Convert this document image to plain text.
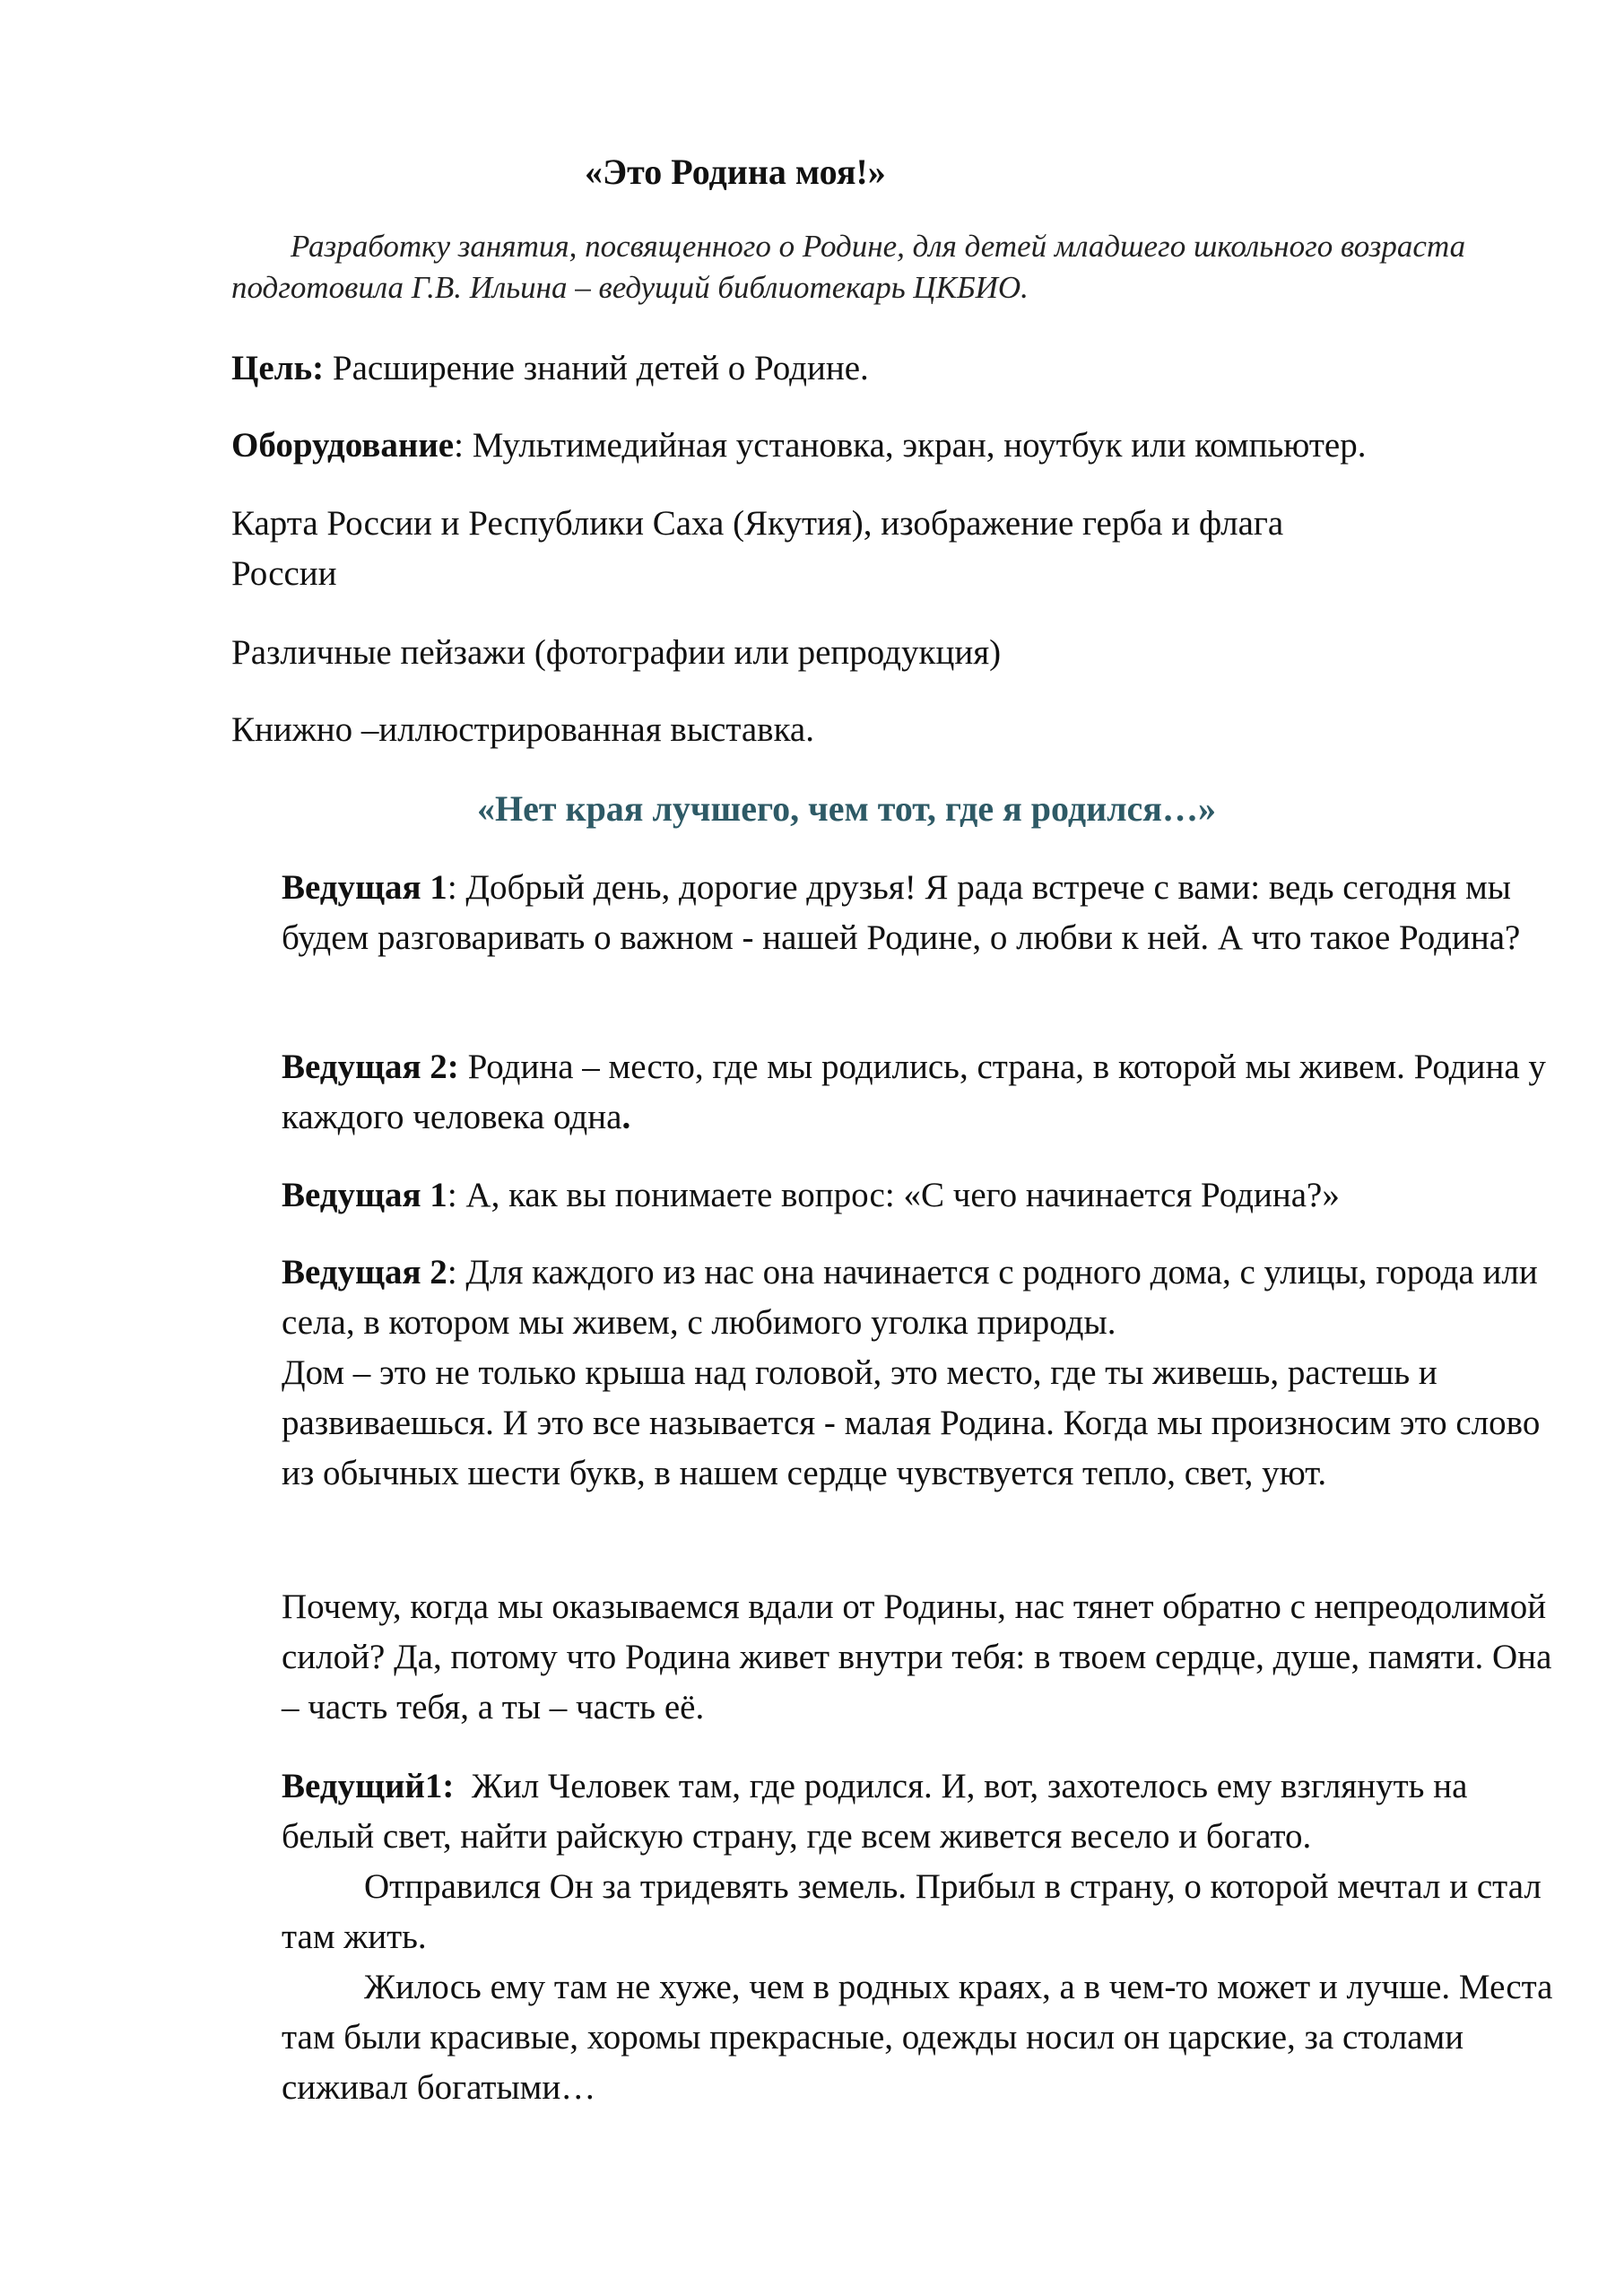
«Это Родина моя!»

Разработку занятия, посвященного о Родине, для детей младшего школьного возраста подготовила Г.В. Ильина – ведущий библиотекарь ЦКБИО.

Цель: Расширение знаний детей о Родине.

Оборудование: Мультимедийная установка, экран, ноутбук или компьютер.

Карта России и Республики Саха (Якутия), изображение герба и флага России

Различные пейзажи (фотографии или репродукция)

Книжно –иллюстрированная выставка.

«Нет края лучшего, чем тот, где я родился…»

Ведущая 1: Добрый день, дорогие друзья! Я рада встрече с вами: ведь сегодня мы будем разговаривать о важном - нашей Родине, о любви к ней. А что такое Родина?

Ведущая 2: Родина – место, где мы родились, страна, в которой мы живем. Родина у каждого человека одна.

Ведущая 1: А, как вы понимаете вопрос: «С чего начинается Родина?»

Ведущая 2: Для каждого из нас она начинается с родного дома, с улицы, города или села, в котором мы живем, с любимого уголка природы.
Дом – это не только крыша над головой, это место, где ты живешь, растешь и развиваешься. И это все называется - малая Родина. Когда мы произносим это слово из обычных шести букв, в нашем сердце чувствуется тепло, свет, уют.

Почему, когда мы оказываемся вдали от Родины, нас тянет обратно с непреодолимой силой? Да, потому что Родина живет внутри тебя: в твоем сердце, душе, памяти. Она – часть тебя, а ты – часть её.

Ведущий1: Жил Человек там, где родился. И, вот, захотелось ему взглянуть на белый свет, найти райскую страну, где всем живется весело и богато.
Отправился Он за тридевять земель. Прибыл в страну, о которой мечтал и стал там жить.
Жилось ему там не хуже, чем в родных краях, а в чем-то может и лучше. Места там были красивые, хоромы прекрасные, одежды носил он царские, за столами сиживал богатыми…
